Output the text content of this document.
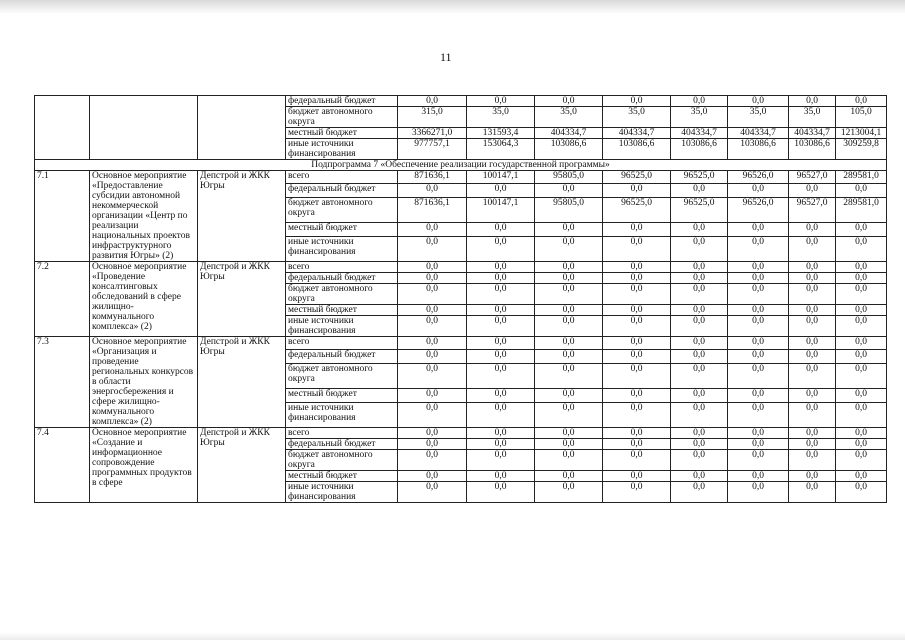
11
			федеральный бюджет	0,0	0,0	0,0	0,0	0,0	0,0	0,0	0,0
			бюджет автономного округа	315,0	35,0	35,0	35,0	35,0	35,0	35,0	105,0
			местный бюджет	3366271,0	131593,4	404334,7	404334,7	404334,7	404334,7	404334,7	1213004,1
			иные источники финансирования	977757,1	153064,3	103086,6	103086,6	103086,6	103086,6	103086,6	309259,8
Подпрограмма 7 «Обеспечение реализации государственной программы»											
7.1	Основное мероприятие «Предоставление субсидии автономной некоммерческой организации «Центр по реализации национальных проектов инфраструктурного развития Югры» (2)	Депстрой и ЖКК Югры	всего	871636,1	100147,1	95805,0	96525,0	96525,0	96526,0	96527,0	289581,0
			федеральный бюджет	0,0	0,0	0,0	0,0	0,0	0,0	0,0	0,0
			бюджет автономного округа	871636,1	100147,1	95805,0	96525,0	96525,0	96526,0	96527,0	289581,0
			местный бюджет	0,0	0,0	0,0	0,0	0,0	0,0	0,0	0,0
			иные источники финансирования	0,0	0,0	0,0	0,0	0,0	0,0	0,0	0,0
7.2	Основное мероприятие «Проведение консалтинговых обследований в сфере жилищно-коммунального комплекса» (2)	Депстрой и ЖКК Югры	всего	0,0	0,0	0,0	0,0	0,0	0,0	0,0	0,0
			федеральный бюджет	0,0	0,0	0,0	0,0	0,0	0,0	0,0	0,0
			бюджет автономного округа	0,0	0,0	0,0	0,0	0,0	0,0	0,0	0,0
			местный бюджет	0,0	0,0	0,0	0,0	0,0	0,0	0,0	0,0
			иные источники финансирования	0,0	0,0	0,0	0,0	0,0	0,0	0,0	0,0
7.3	Основное мероприятие «Организация и проведение региональных конкурсов в области энергосбережения и сфере жилищно-коммунального комплекса» (2)	Депстрой и ЖКК Югры	всего	0,0	0,0	0,0	0,0	0,0	0,0	0,0	0,0
			федеральный бюджет	0,0	0,0	0,0	0,0	0,0	0,0	0,0	0,0
			бюджет автономного округа	0,0	0,0	0,0	0,0	0,0	0,0	0,0	0,0
			местный бюджет	0,0	0,0	0,0	0,0	0,0	0,0	0,0	0,0
			иные источники финансирования	0,0	0,0	0,0	0,0	0,0	0,0	0,0	0,0
7.4	Основное мероприятие «Создание и информационное сопровождение программных продуктов в сфере	Депстрой и ЖКК Югры	всего	0,0	0,0	0,0	0,0	0,0	0,0	0,0	0,0
			федеральный бюджет	0,0	0,0	0,0	0,0	0,0	0,0	0,0	0,0
			бюджет автономного округа	0,0	0,0	0,0	0,0	0,0	0,0	0,0	0,0
			местный бюджет	0,0	0,0	0,0	0,0	0,0	0,0	0,0	0,0
			иные источники финансирования	0,0	0,0	0,0	0,0	0,0	0,0	0,0	0,0
